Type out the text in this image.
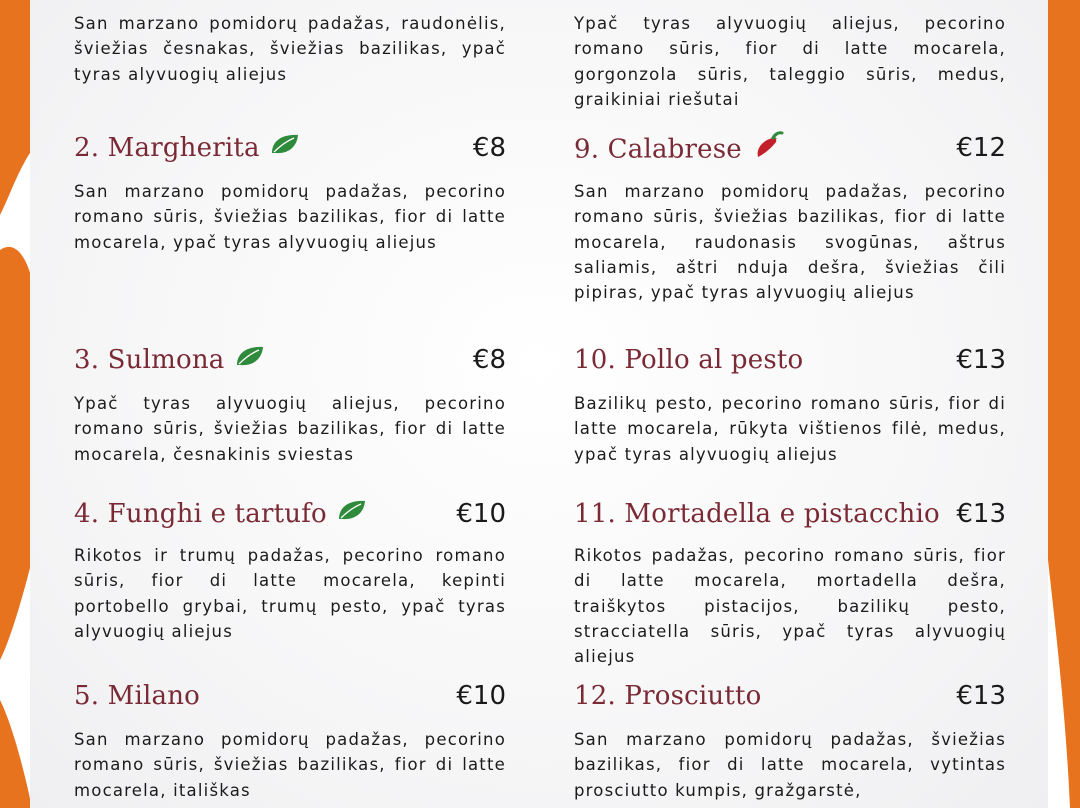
San marzano pomidorų padažas, raudonėlis, šviežias česnakas, šviežias bazilikas, ypač tyras alyvuogių aliejus
2. Margherita	€8
San marzano pomidorų padažas, pecorino romano sūris, šviežias bazilikas, fior di latte mocarela, ypač tyras alyvuogių aliejus
3. Sulmona	€8
Ypač tyras alyvuogių aliejus, pecorino romano sūris, šviežias bazilikas, fior di latte mocarela, česnakinis sviestas
4. Funghi e tartufo	€10
Rikotos ir trumų padažas, pecorino romano sūris, fior di latte mocarela, kepinti portobello grybai, trumų pesto, ypač tyras alyvuogių aliejus
5. Milano	€10
San marzano pomidorų padažas, pecorino romano sūris, šviežias bazilikas, fior di latte mocarela, itališkas
Ypač tyras alyvuogių aliejus, pecorino romano sūris, fior di latte mocarela, gorgonzola sūris, taleggio sūris, medus, graikiniai riešutai
9. Calabrese	€12
San marzano pomidorų padažas, pecorino romano sūris, šviežias bazilikas, fior di latte mocarela, raudonasis svogūnas, aštrus saliamis, aštri nduja dešra, šviežias čili pipiras, ypač tyras alyvuogių aliejus
10. Pollo al pesto	€13
Bazilikų pesto, pecorino romano sūris, fior di latte mocarela, rūkyta vištienos filė, medus, ypač tyras alyvuogių aliejus
11. Mortadella e pistacchio €13
Rikotos padažas, pecorino romano sūris, fior di latte mocarela, mortadella dešra, traiškytos pistacijos, bazilikų pesto, stracciatella sūris, ypač tyras alyvuogių aliejus
12. Prosciutto	€13
San marzano pomidorų padažas, šviežias bazilikas, fior di latte mocarela, vytintas prosciutto kumpis, gražgarstė,
